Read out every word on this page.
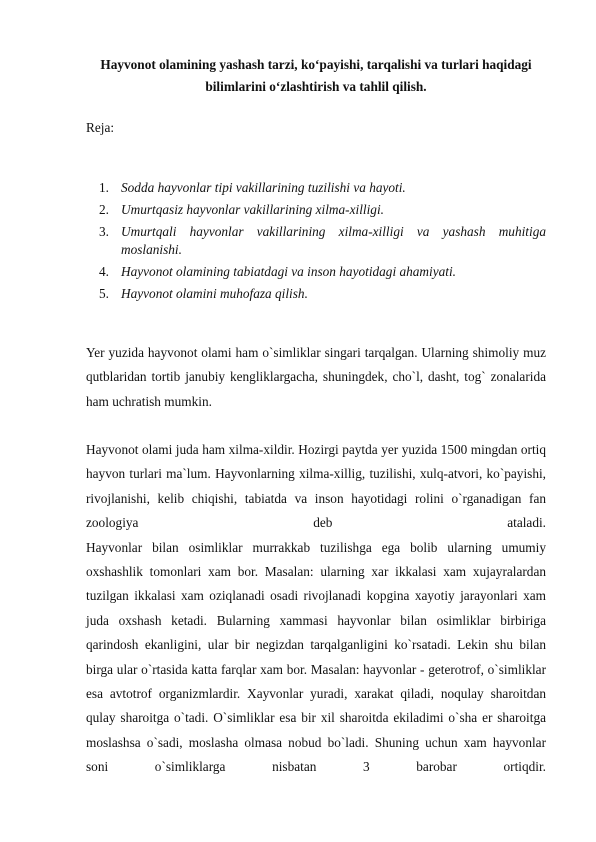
Hayvonot olamining yashash tarzi, koʻpayishi, tarqalishi va turlari haqidagi bilimlarini oʻzlashtirish va tahlil qilish.
Reja:
1. Sodda hayvonlar tipi vakillarining tuzilishi va hayoti.
2. Umurtqasiz hayvonlar vakillarining xilma-xilligi.
3. Umurtqali hayvonlar vakillarining xilma-xilligi va yashash muhitiga moslanishi.
4. Hayvonot olamining tabiatdagi va inson hayotidagi ahamiyati.
5. Hayvonot olamini muhofaza qilish.

Yer yuzida hayvonot olami ham o`simliklar singari tarqalgan. Ularning shimoliy muz qutblaridan tortib janubiy kengliklargacha, shuningdek, cho`l, dasht, tog` zonalarida ham uchratish mumkin.

Hayvonot olami juda ham xilma-xildir. Hozirgi paytda yer yuzida 1500 mingdan ortiq hayvon turlari ma`lum. Hayvonlarning xilma-xillig, tuzilishi, xulq-atvori, ko`payishi, rivojlanishi, kelib chiqishi, tabiatda va inson hayotidagi rolini o`rganadigan fan zoologiya deb ataladi.
Hayvonlar bilan osimliklar murrakkab tuzilishga ega bolib ularning umumiy oxshashlik tomonlari xam bor. Masalan: ularning xar ikkalasi xam xujayralardan tuzilgan ikkalasi xam oziqlanadi osadi rivojlanadi kopgina xayotiy jarayonlari xam juda oxshash ketadi. Bularning xammasi hayvonlar bilan osimliklar birbiriga qarindosh ekanligini, ular bir negizdan tarqalganligini ko`rsatadi. Lekin shu bilan birga ular o`rtasida katta farqlar xam bor. Masalan: hayvonlar - geterotrof, o`simliklar esa avtotrof organizmlardir. Xayvonlar yuradi, xarakat qiladi, noqulay sharoitdan qulay sharoitga o`tadi. O`simliklar esa bir xil sharoitda ekiladimi o`sha er sharoitga moslashsa o`sadi, moslasha olmasa nobud bo`ladi. Shuning uchun xam hayvonlar soni o`simliklarga nisbatan 3 barobar ortiqdir.
